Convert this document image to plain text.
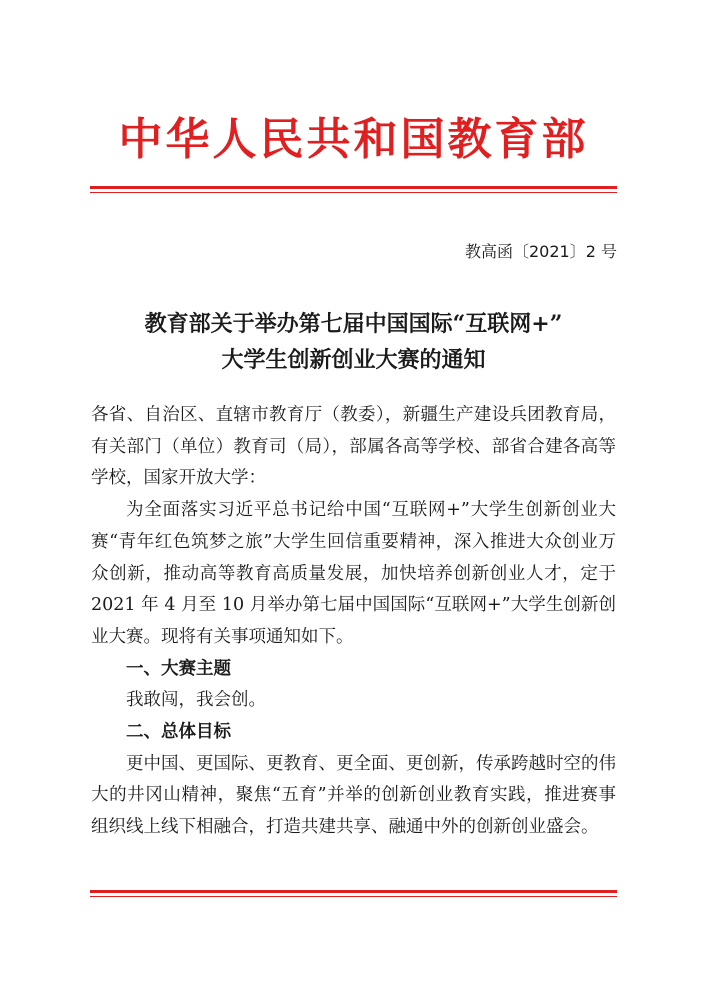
中华人民共和国教育部
教高函〔2021〕2 号
教育部关于举办第七届中国国际“互联网+”
大学生创新创业大赛的通知

各省、自治区、直辖市教育厅（教委），新疆生产建设兵团教育局，有关部门（单位）教育司（局），部属各高等学校、部省合建各高等学校，国家开放大学：

为全面落实习近平总书记给中国“互联网+”大学生创新创业大赛“青年红色筑梦之旅”大学生回信重要精神，深入推进大众创业万众创新，推动高等教育高质量发展，加快培养创新创业人才，定于 2021 年 4 月至 10 月举办第七届中国国际“互联网+”大学生创新创业大赛。现将有关事项通知如下。

一、大赛主题

我敢闯，我会创。

二、总体目标

更中国、更国际、更教育、更全面、更创新，传承跨越时空的伟大的井冈山精神，聚焦“五育”并举的创新创业教育实践，推进赛事组织线上线下相融合，打造共建共享、融通中外的创新创业盛会。
